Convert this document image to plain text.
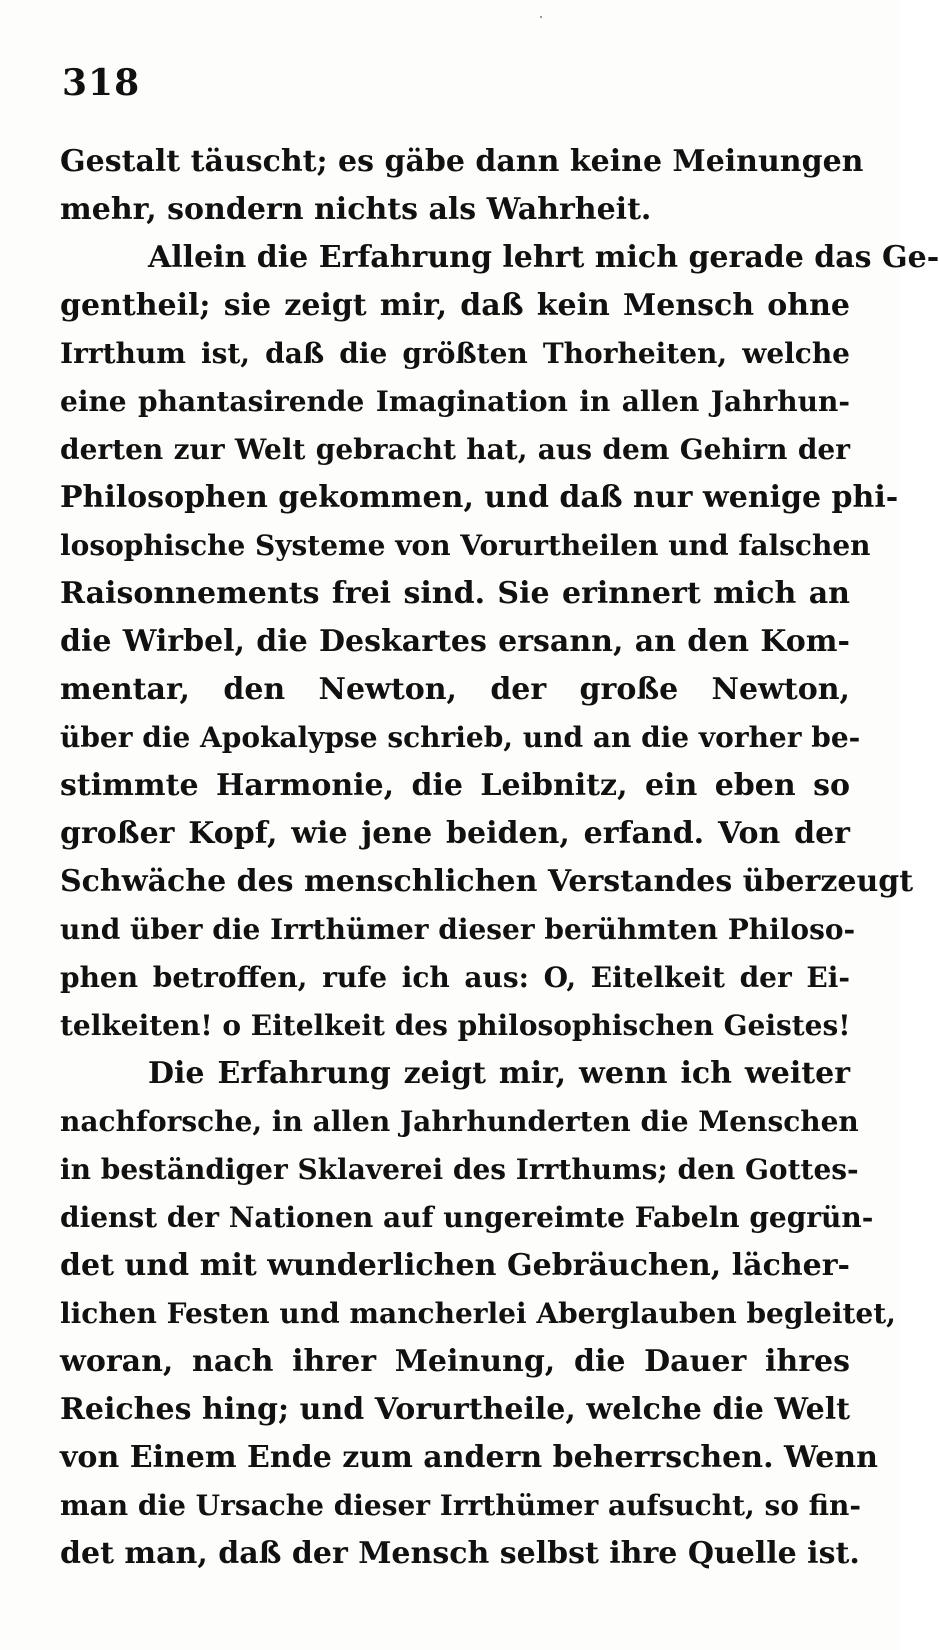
318
Gestalt täuscht; es gäbe dann keine Meinungen
mehr, sondern nichts als Wahrheit.
Allein die Erfahrung lehrt mich gerade das Ge-
gentheil; sie zeigt mir, daß kein Mensch ohne
Irrthum ist, daß die größten Thorheiten, welche
eine phantasirende Imagination in allen Jahrhun-
derten zur Welt gebracht hat, aus dem Gehirn der
Philosophen gekommen, und daß nur wenige phi-
losophische Systeme von Vorurtheilen und falschen
Raisonnements frei sind. Sie erinnert mich an
die Wirbel, die Deskartes ersann, an den Kom-
mentar, den Newton, der große Newton,
über die Apokalypse schrieb, und an die vorher be-
stimmte Harmonie, die Leibnitz, ein eben so
großer Kopf, wie jene beiden, erfand. Von der
Schwäche des menschlichen Verstandes überzeugt
und über die Irrthümer dieser berühmten Philoso-
phen betroffen, rufe ich aus: O, Eitelkeit der Ei-
telkeiten! o Eitelkeit des philosophischen Geistes!
Die Erfahrung zeigt mir, wenn ich weiter
nachforsche, in allen Jahrhunderten die Menschen
in beständiger Sklaverei des Irrthums; den Gottes-
dienst der Nationen auf ungereimte Fabeln gegrün-
det und mit wunderlichen Gebräuchen, lächer-
lichen Festen und mancherlei Aberglauben begleitet,
woran, nach ihrer Meinung, die Dauer ihres
Reiches hing; und Vorurtheile, welche die Welt
von Einem Ende zum andern beherrschen. Wenn
man die Ursache dieser Irrthümer aufsucht, so fin-
det man, daß der Mensch selbst ihre Quelle ist.
